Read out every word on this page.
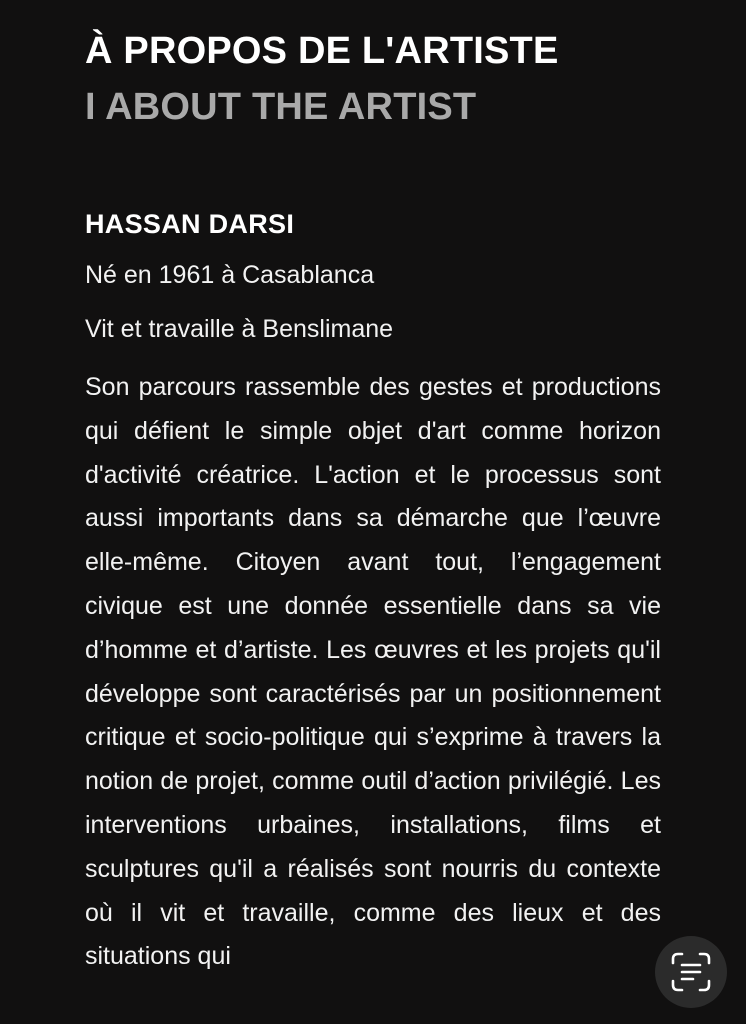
À PROPOS DE L'ARTISTE
I ABOUT THE ARTIST
HASSAN DARSI
Né en 1961 à Casablanca
Vit et travaille à Benslimane

Son parcours rassemble des gestes et productions qui défient le simple objet d'art comme horizon d'activité créatrice. L'action et le processus sont aussi importants dans sa démarche que l’œuvre elle-même. Citoyen avant tout, l’engagement civique est une donnée essentielle dans sa vie d’homme et d’artiste. Les œuvres et les projets qu'il développe sont caractérisés par un positionnement critique et socio-politique qui s’exprime à travers la notion de projet, comme outil d’action privilégié. Les interventions urbaines, installations, films et sculptures qu'il a réalisés sont nourris du contexte où il vit et travaille, comme des lieux et des situations qui
